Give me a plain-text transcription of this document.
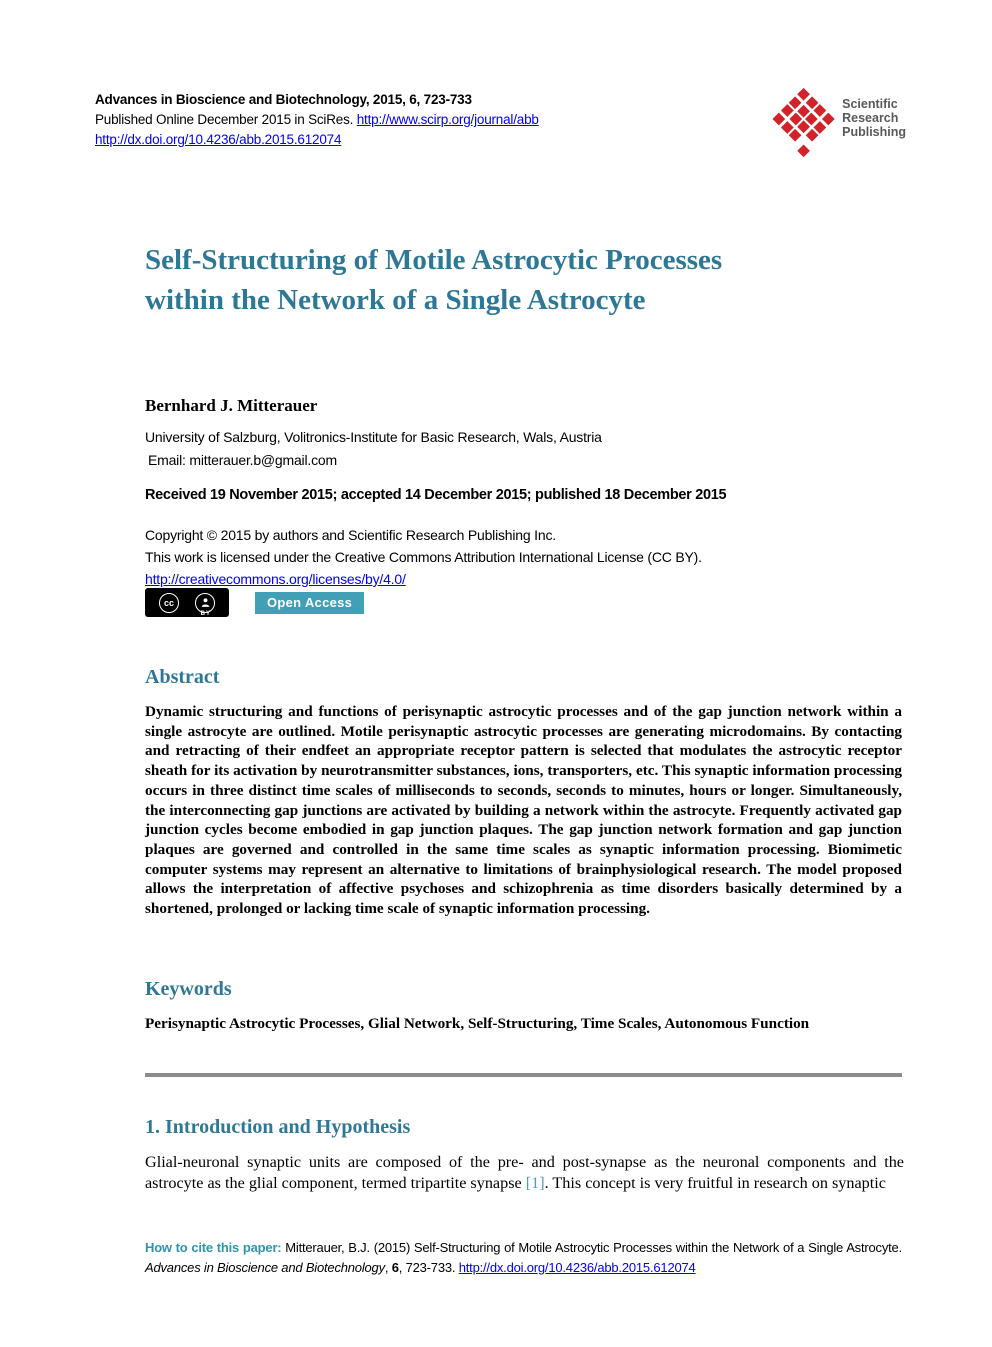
Advances in Bioscience and Biotechnology, 2015, 6, 723-733
Published Online December 2015 in SciRes. http://www.scirp.org/journal/abb
http://dx.doi.org/10.4236/abb.2015.612074
Scientific
Research
Publishing
Self-Structuring of Motile Astrocytic Processes within the Network of a Single Astrocyte
Bernhard J. Mitterauer
University of Salzburg, Volitronics-Institute for Basic Research, Wals, Austria
Email: mitterauer.b@gmail.com
Received 19 November 2015; accepted 14 December 2015; published 18 December 2015
Copyright © 2015 by authors and Scientific Research Publishing Inc.
This work is licensed under the Creative Commons Attribution International License (CC BY).
http://creativecommons.org/licenses/by/4.0/
cc
BY
Open Access
Abstract

Dynamic structuring and functions of perisynaptic astrocytic processes and of the gap junction network within a single astrocyte are outlined. Motile perisynaptic astrocytic processes are generating microdomains. By contacting and retracting of their endfeet an appropriate receptor pattern is selected that modulates the astrocytic receptor sheath for its activation by neurotransmitter substances, ions, transporters, etc. This synaptic information processing occurs in three distinct time scales of milliseconds to seconds, seconds to minutes, hours or longer. Simultaneously, the interconnecting gap junctions are activated by building a network within the astrocyte. Frequently activated gap junction cycles become embodied in gap junction plaques. The gap junction network formation and gap junction plaques are governed and controlled in the same time scales as synaptic information processing. Biomimetic computer systems may represent an alternative to limitations of brainphysiological research. The model proposed allows the interpretation of affective psychoses and schizophrenia as time disorders basically determined by a shortened, prolonged or lacking time scale of synaptic information processing.

Keywords

Perisynaptic Astrocytic Processes, Glial Network, Self-Structuring, Time Scales, Autonomous Function

1. Introduction and Hypothesis

Glial-neuronal synaptic units are composed of the pre- and post-synapse as the neuronal components and the astrocyte as the glial component, termed tripartite synapse [1]. This concept is very fruitful in research on synaptic

How to cite this paper: Mitterauer, B.J. (2015) Self-Structuring of Motile Astrocytic Processes within the Network of a Single Astrocyte. Advances in Bioscience and Biotechnology, 6, 723-733. http://dx.doi.org/10.4236/abb.2015.612074
